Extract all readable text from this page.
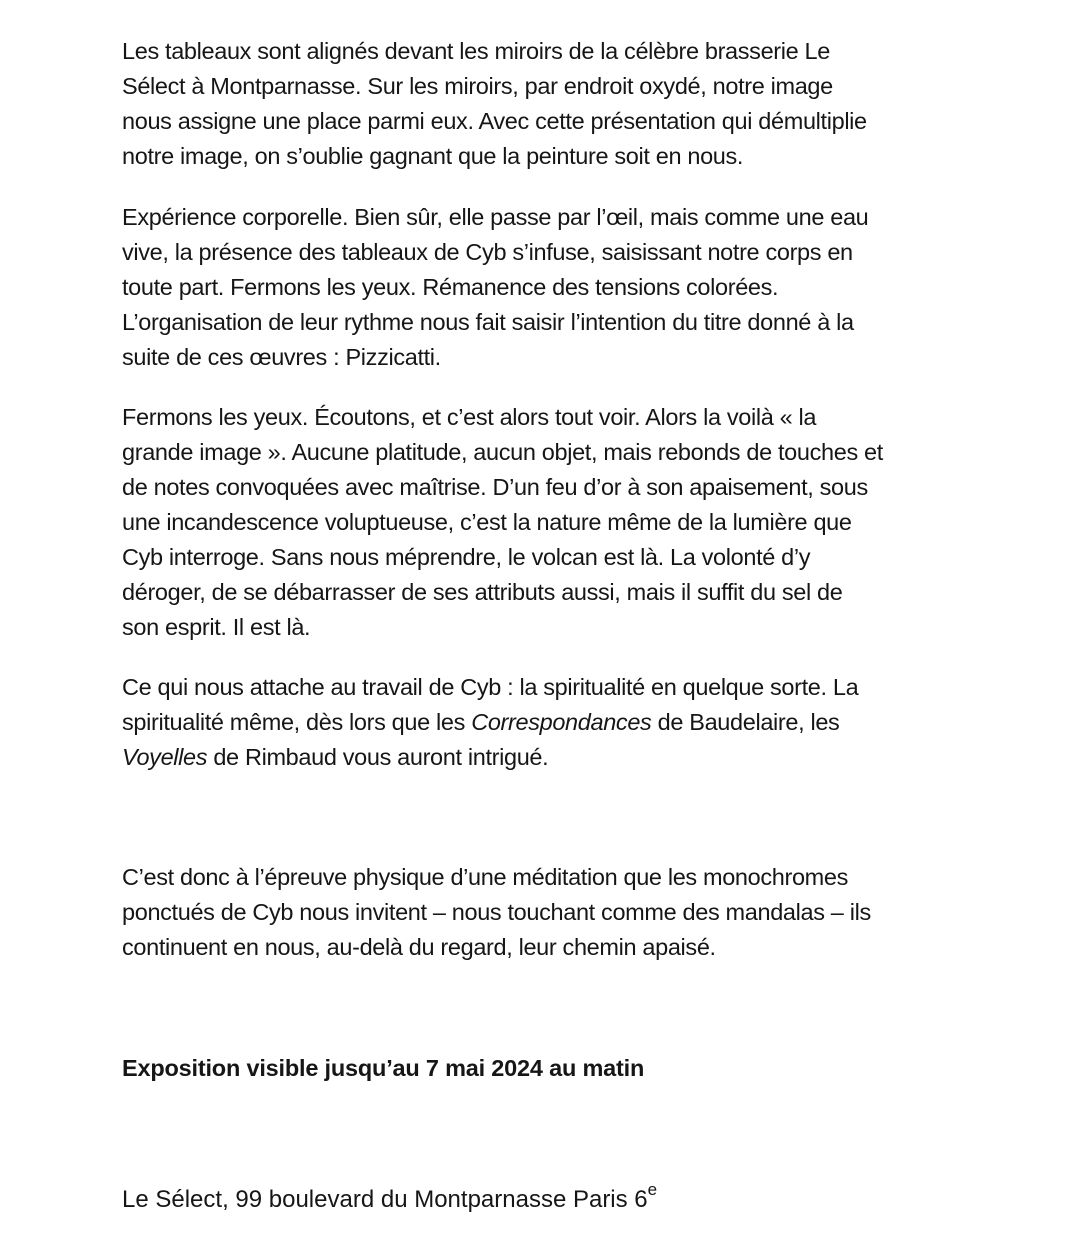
Les tableaux sont alignés devant les miroirs de la célèbre brasserie Le
Sélect à Montparnasse. Sur les miroirs, par endroit oxydé, notre image
nous assigne une place parmi eux. Avec cette présentation qui démultiplie
notre image, on s’oublie gagnant que la peinture soit en nous.

Expérience corporelle. Bien sûr, elle passe par l’œil, mais comme une eau
vive, la présence des tableaux de Cyb s’infuse, saisissant notre corps en
toute part. Fermons les yeux. Rémanence des tensions colorées.
L’organisation de leur rythme nous fait saisir l’intention du titre donné à la
suite de ces œuvres : Pizzicatti.

Fermons les yeux. Écoutons, et c’est alors tout voir. Alors la voilà « la
grande image ». Aucune platitude, aucun objet, mais rebonds de touches et
de notes convoquées avec maîtrise. D’un feu d’or à son apaisement, sous
une incandescence voluptueuse, c’est la nature même de la lumière que
Cyb interroge. Sans nous méprendre, le volcan est là. La volonté d’y
déroger, de se débarrasser de ses attributs aussi, mais il suffit du sel de
son esprit. Il est là.

Ce qui nous attache au travail de Cyb : la spiritualité en quelque sorte. La
spiritualité même, dès lors que les Correspondances de Baudelaire, les
Voyelles de Rimbaud vous auront intrigué.

C’est donc à l’épreuve physique d’une méditation que les monochromes
ponctués de Cyb nous invitent – nous touchant comme des mandalas – ils
continuent en nous, au-delà du regard, leur chemin apaisé.

Exposition visible jusqu’au 7 mai 2024 au matin
Le Sélect, 99 boulevard du Montparnasse Paris 6e
